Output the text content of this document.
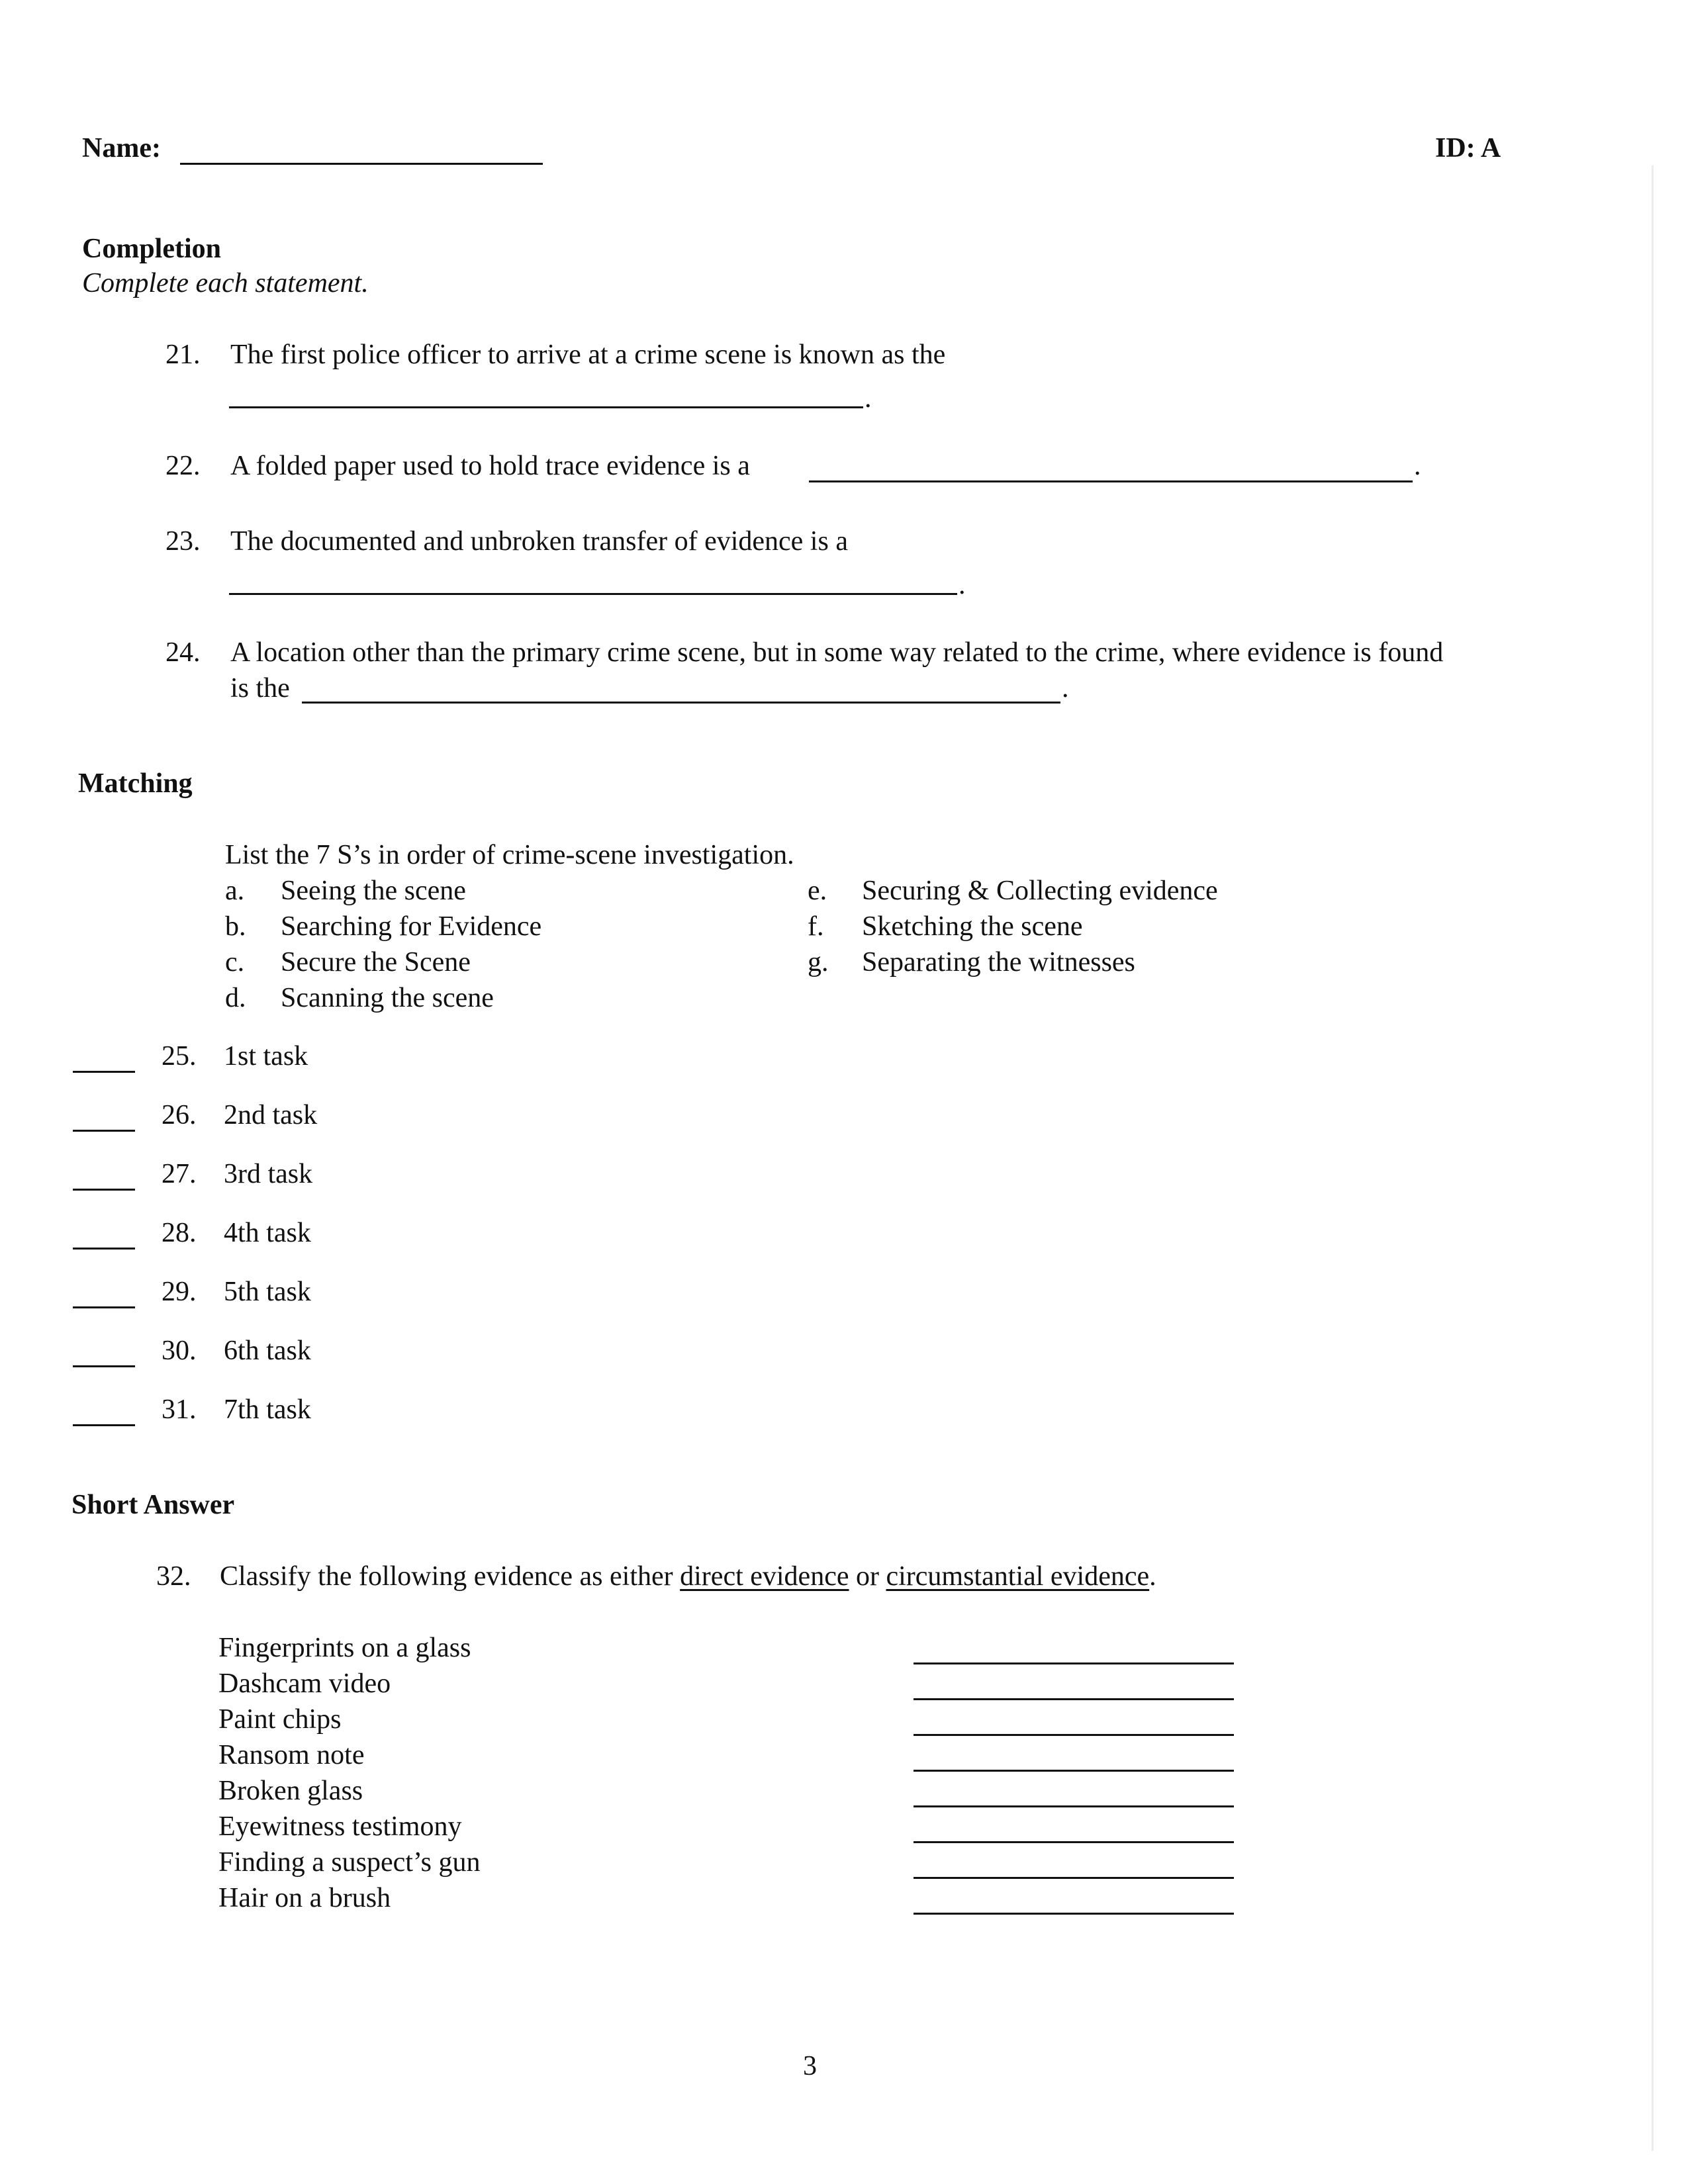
Name:	ID: A
Completion
Complete each statement.
21. The first police officer to arrive at a crime scene is known as the
.
22. A folded paper used to hold trace evidence is a	.
23. The documented and unbroken transfer of evidence is a
.
24. A location other than the primary crime scene, but in some way related to the crime, where evidence is found
is the	.
Matching
List the 7 S’s in order of crime-scene investigation.
a. Seeing the scene
b. Searching for Evidence
c. Secure the Scene
d. Scanning the scene
e. Securing & Collecting evidence
f. Sketching the scene
g. Separating the witnesses
25. 1st task
26. 2nd task
27. 3rd task
28. 4th task
29. 5th task
30. 6th task
31. 7th task
Short Answer
32. Classify the following evidence as either direct evidence or circumstantial evidence.
Fingerprints on a glass
Dashcam video
Paint chips
Ransom note
Broken glass
Eyewitness testimony
Finding a suspect’s gun
Hair on a brush
3
